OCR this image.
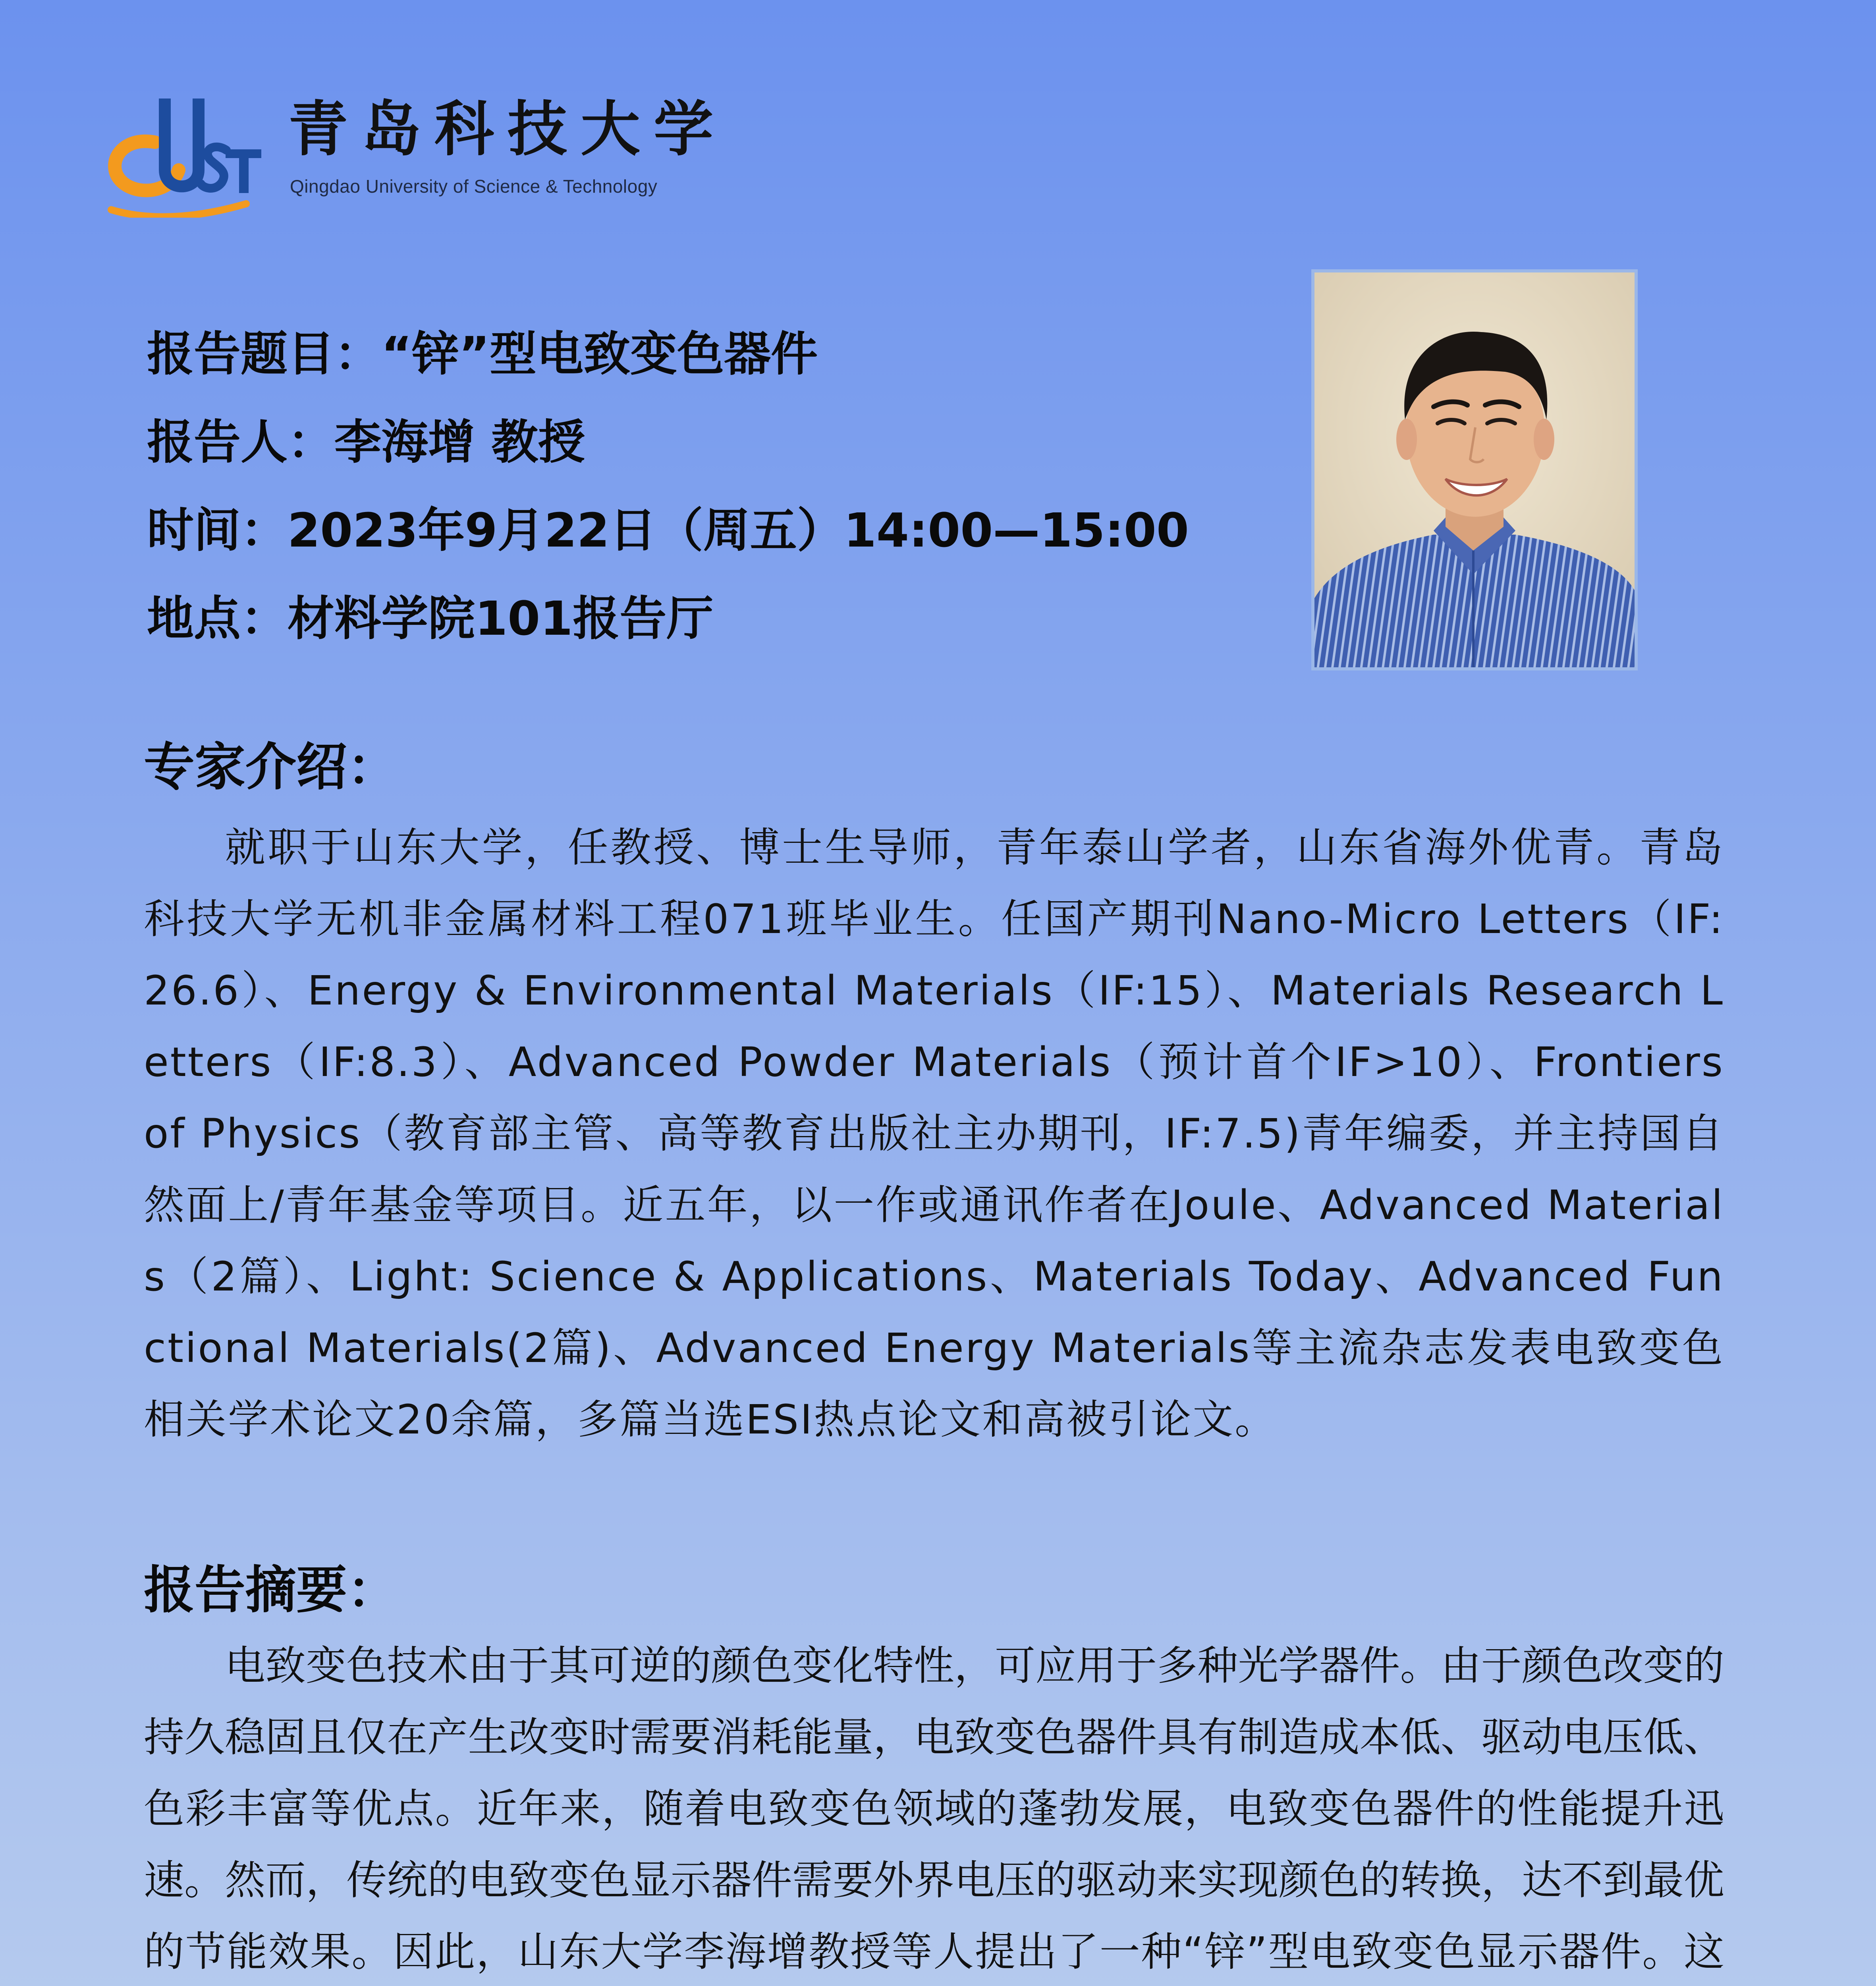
青岛科技大学
Qingdao University of Science & Technology
报告题目：“锌”型电致变色器件
报告人：李海增 教授
时间：2023年9月22日（周五）14:00—15:00
地点：材料学院101报告厅
专家介绍：
就职于山东大学，任教授、博士生导师，青年泰山学者，山东省海外优青。青岛科技大学无机非金属材料工程071班毕业生。任国产期刊Nano-Micro Letters（IF:26.6）、Energy & Environmental Materials（IF:15）、Materials Research Letters（IF:8.3）、Advanced Powder Materials（预计首个IF>10）、Frontiers of Physics（教育部主管、高等教育出版社主办期刊，IF:7.5)青年编委，并主持国自然面上/青年基金等项目。近五年，以一作或通讯作者在Joule、Advanced Materials（2篇）、Light: Science & Applications、Materials Today、Advanced Functional Materials(2篇)、Advanced Energy Materials等主流杂志发表电致变色相关学术论文20余篇，多篇当选ESI热点论文和高被引论文。
报告摘要：
电致变色技术由于其可逆的颜色变化特性，可应用于多种光学器件。由于颜色改变的持久稳固且仅在产生改变时需要消耗能量，电致变色器件具有制造成本低、驱动电压低、色彩丰富等优点。近年来，随着电致变色领域的蓬勃发展，电致变色器件的性能提升迅速。然而，传统的电致变色显示器件需要外界电压的驱动来实现颜色的转换，达不到最优的节能效果。因此，山东大学李海增教授等人提出了一种“锌”型电致变色显示器件。这
